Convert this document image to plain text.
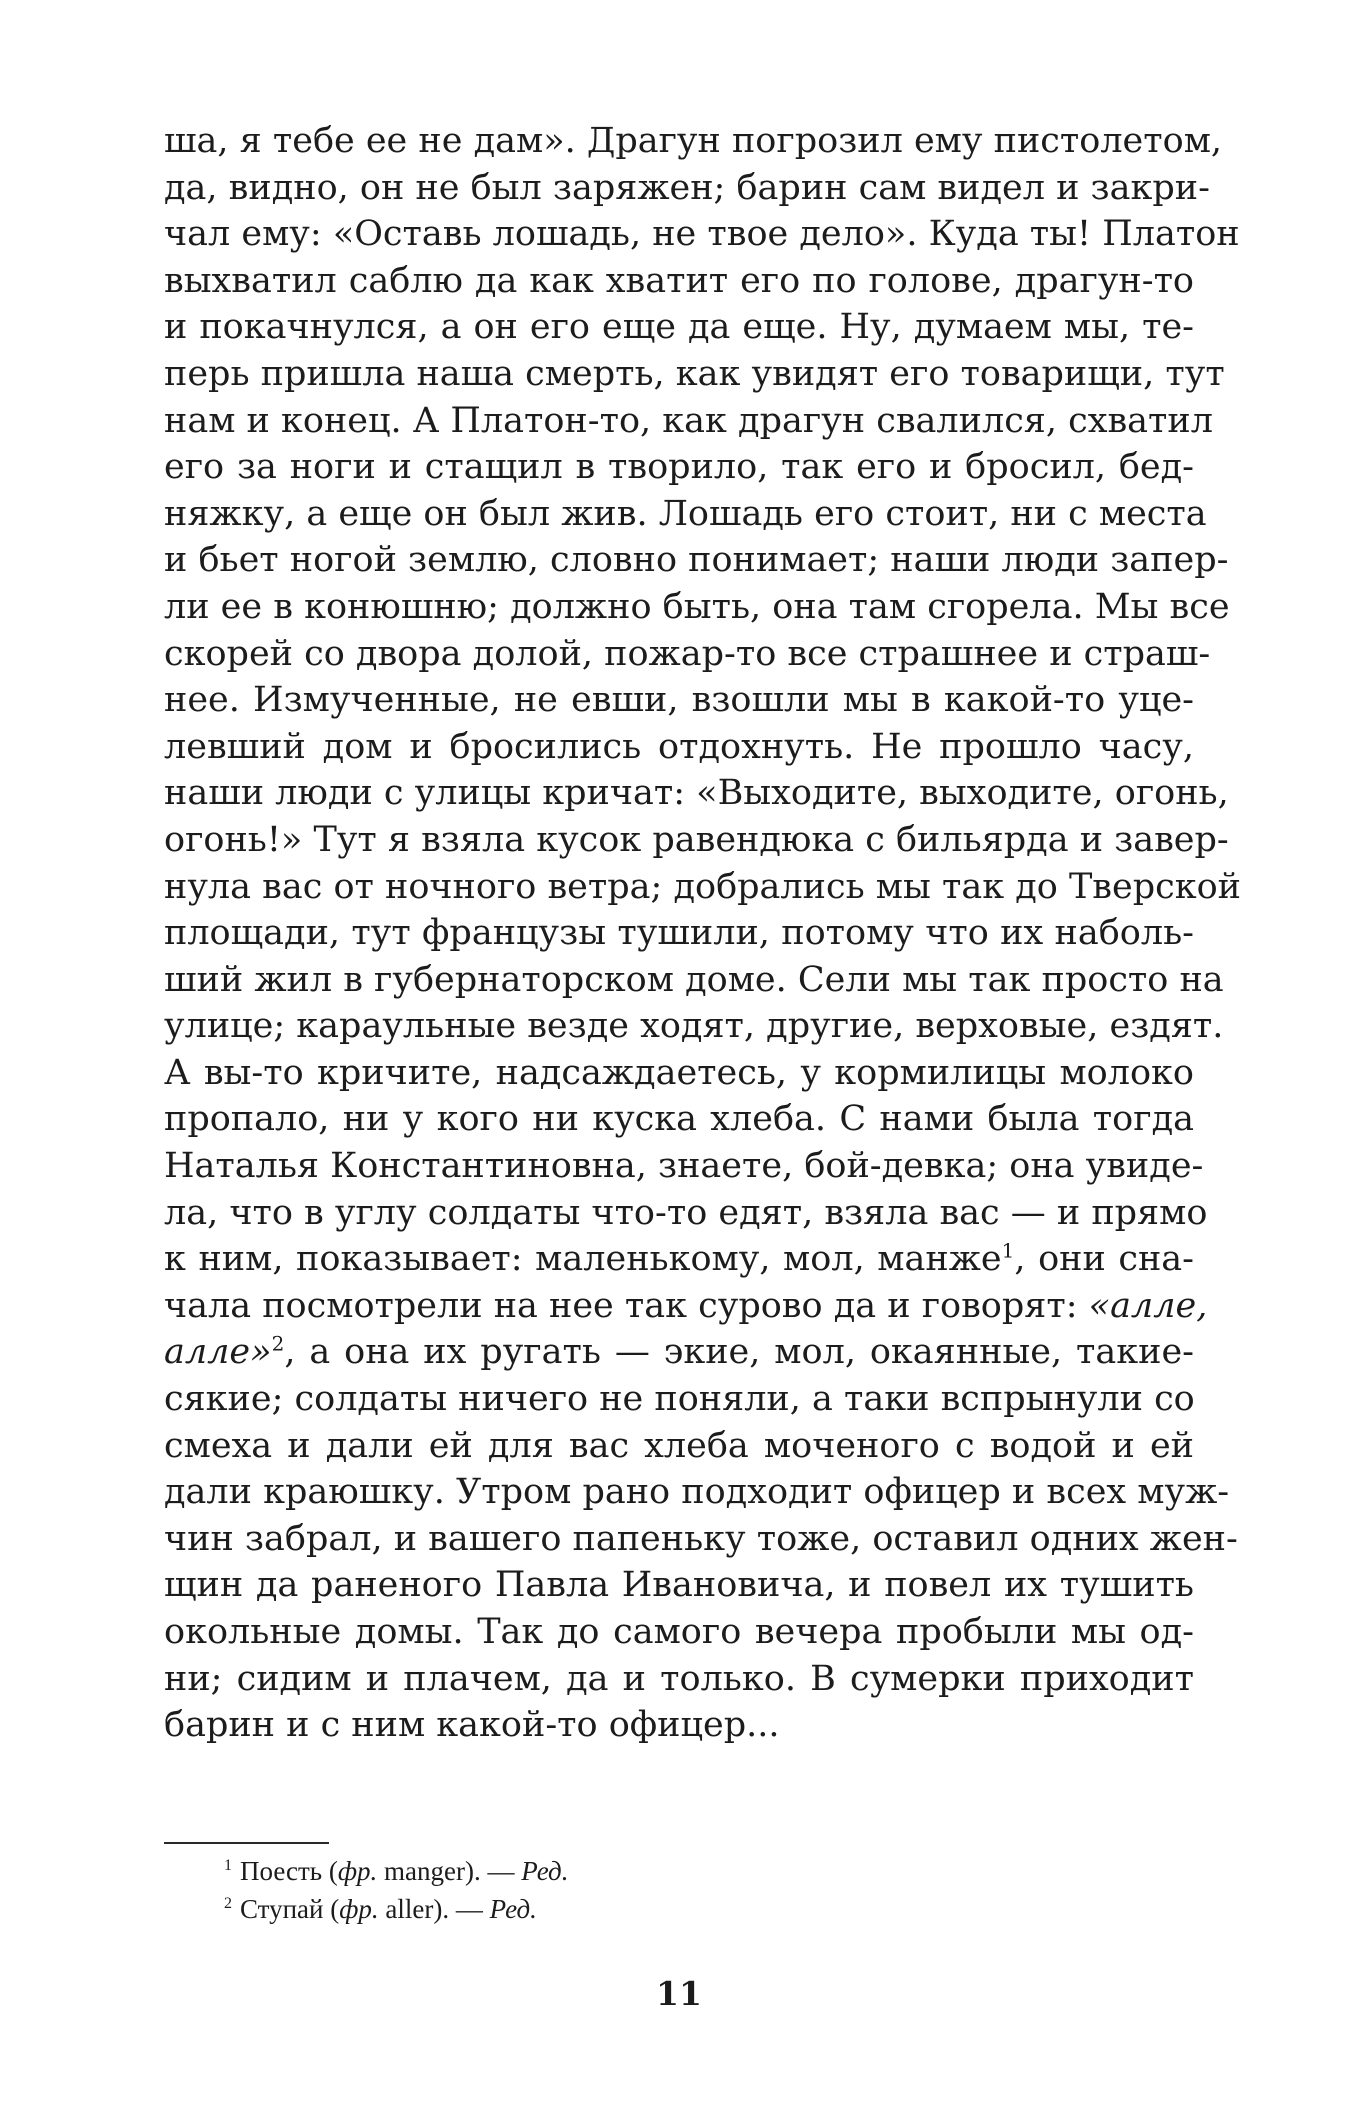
ша, я тебе ее не дам». Драгун погрозил ему пистолетом,
да, видно, он не был заряжен; барин сам видел и закри-
чал ему: «Оставь лошадь, не твое дело». Куда ты! Платон
выхватил саблю да как хватит его по голове, драгун-то
и покачнулся, а он его еще да еще. Ну, думаем мы, те-
перь пришла наша смерть, как увидят его товарищи, тут
нам и конец. А Платон-то, как драгун свалился, схватил
его за ноги и стащил в творило, так его и бросил, бед-
няжку, а еще он был жив. Лошадь его стоит, ни с места
и бьет ногой землю, словно понимает; наши люди запер-
ли ее в конюшню; должно быть, она там сгорела. Мы все
скорей со двора долой, пожар-то все страшнее и страш-
нее. Измученные, не евши, взошли мы в какой-то уце-
левший дом и бросились отдохнуть. Не прошло часу,
наши люди с улицы кричат: «Выходите, выходите, огонь,
огонь!» Тут я взяла кусок равендюка с бильярда и завер-
нула вас от ночного ветра; добрались мы так до Тверской
площади, тут французы тушили, потому что их наболь-
ший жил в губернаторском доме. Сели мы так просто на
улице; караульные везде ходят, другие, верховые, ездят.
А вы-то кричите, надсаждаетесь, у кормилицы молоко
пропало, ни у кого ни куска хлеба. С нами была тогда
Наталья Константиновна, знаете, бой-девка; она увиде-
ла, что в углу солдаты что-то едят, взяла вас — и прямо
к ним, показывает: маленькому, мол, манже$^1$, они сна-
чала посмотрели на нее так сурово да и говорят: «алле,
алле»$^2$, а она их ругать — экие, мол, окаянные, такие-
сякие; солдаты ничего не поняли, а таки вспрынули со
смеха и дали ей для вас хлеба моченого с водой и ей
дали краюшку. Утром рано подходит офицер и всех муж-
чин забрал, и вашего папеньку тоже, оставил одних жен-
щин да раненого Павла Ивановича, и повел их тушить
окольные домы. Так до самого вечера пробыли мы од-
ни; сидим и плачем, да и только. В сумерки приходит
барин и с ним какой-то офицер...
$^1$ Поесть (фр. manger). — Ред.
$^2$ Ступай (фр. aller). — Ред.
11
